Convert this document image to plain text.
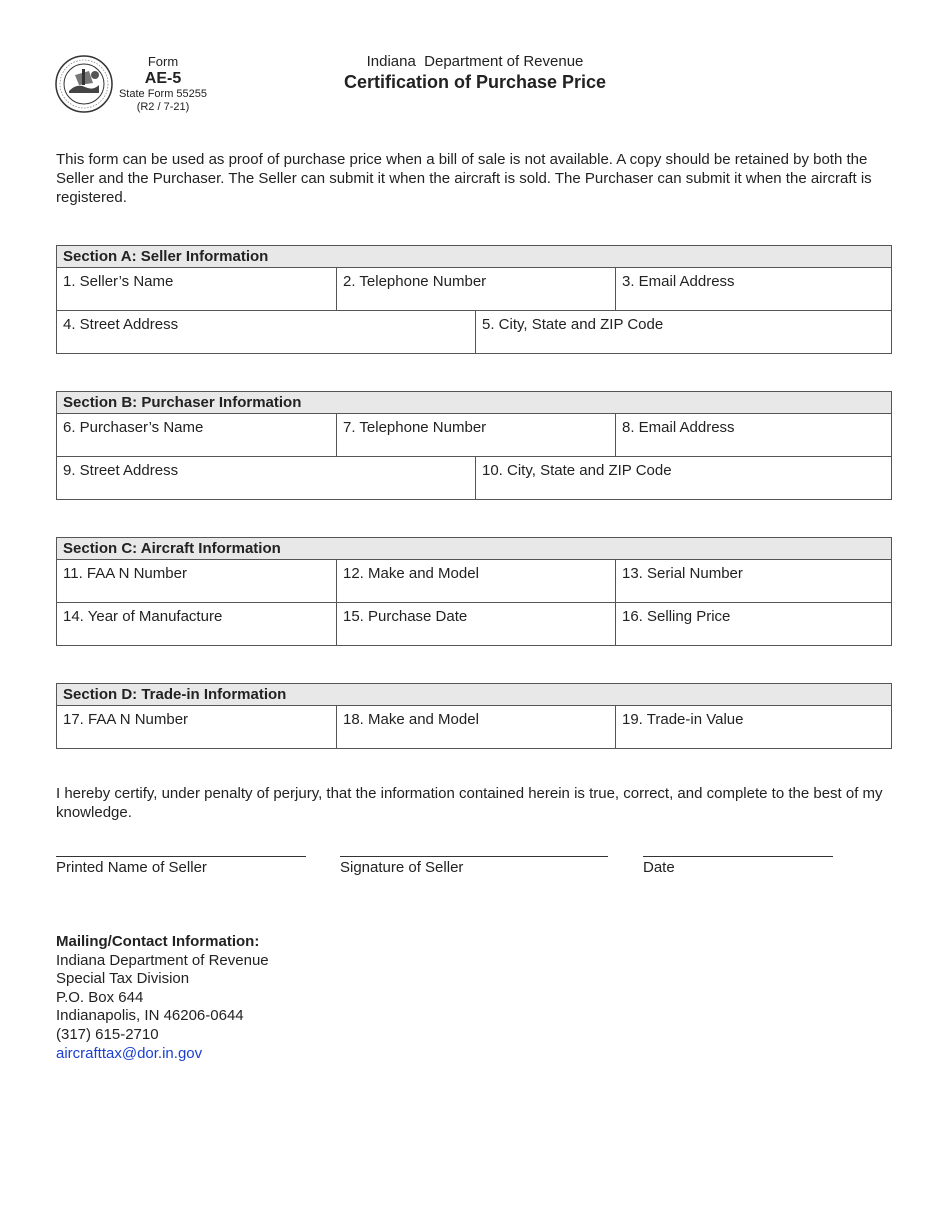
Form
AE-5
State Form 55255
(R2 / 7-21)
Indiana  Department of Revenue
Certification of Purchase Price
This form can be used as proof of purchase price when a bill of sale is not available. A copy should be retained by both the Seller and the Purchaser. The Seller can submit it when the aircraft is sold. The Purchaser can submit it when the aircraft is registered.
Section A: Seller Information
1. Seller’s Name	2. Telephone Number	3. Email Address
4. Street Address	5. City, State and ZIP Code
Section B: Purchaser Information
6. Purchaser’s Name	7. Telephone Number	8. Email Address
9. Street Address	10. City, State and ZIP Code
Section C: Aircraft Information
11. FAA N Number	12. Make and Model	13. Serial Number
14. Year of Manufacture	15. Purchase Date	16. Selling Price
Section D: Trade-in Information
17. FAA N Number	18. Make and Model	19. Trade-in Value
I hereby certify, under penalty of perjury, that the information contained herein is true, correct, and complete to the best of my knowledge.
Printed Name of Seller	Signature of Seller	Date
Mailing/Contact Information:
Indiana Department of Revenue
Special Tax Division
P.O. Box 644
Indianapolis, IN 46206-0644
(317) 615-2710
aircrafttax@dor.in.gov
